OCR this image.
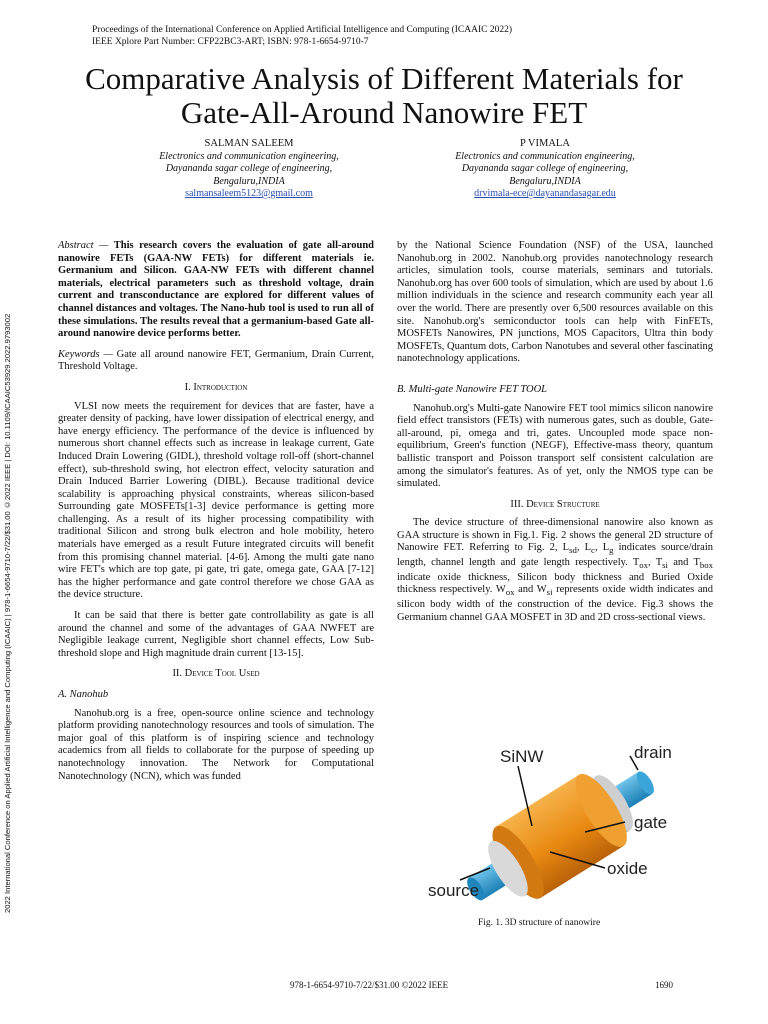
Proceedings of the International Conference on Applied Artificial Intelligence and Computing (ICAAIC 2022)
IEEE Xplore Part Number: CFP22BC3-ART; ISBN: 978-1-6654-9710-7
Comparative Analysis of Different Materials for
Gate-All-Around Nanowire FET
SALMAN SALEEM
Electronics and communication engineering,
Dayananda sagar college of engineering,
Bengaluru,INDIA
salmansaleem5123@gmail.com
P VIMALA
Electronics and communication engineering,
Dayananda sagar college of engineering,
Bengaluru,INDIA
drvimala-ece@dayanandasagar.edu
2022 International Conference on Applied Artificial Intelligence and Computing (ICAAIC) | 978-1-6654-9710-7/22/$31.00 ©2022 IEEE | DOI: 10.1109/ICAAIC53929.2022.9793002

Abstract — This research covers the evaluation of gate all-around nanowire FETs (GAA-NW FETs) for different materials ie. Germanium and Silicon. GAA-NW FETs with different channel materials, electrical parameters such as threshold voltage, drain current and transconductance are explored for different values of channel distances and voltages. The Nano-hub tool is used to run all of these simulations. The results reveal that a germanium-based Gate all-around nanowire device performs better.

Keywords — Gate all around nanowire FET, Germanium, Drain Current, Threshold Voltage.

I. Introduction

VLSI now meets the requirement for devices that are faster, have a greater density of packing, have lower dissipation of electrical energy, and have energy efficiency. The performance of the device is influenced by numerous short channel effects such as increase in leakage current, Gate Induced Drain Lowering (GIDL), threshold voltage roll-off (short-channel effect), sub-threshold swing, hot electron effect, velocity saturation and Drain Induced Barrier Lowering (DIBL). Because traditional device scalability is approaching physical constraints, whereas silicon-based Surrounding gate MOSFETs[1-3] device performance is getting more challenging. As a result of its higher processing compatibility with traditional Silicon and strong bulk electron and hole mobility, hetero materials have emerged as a result Future integrated circuits will benefit from this promising channel material. [4-6]. Among the multi gate nano wire FET's which are top gate, pi gate, tri gate, omega gate, GAA [7-12] has the higher performance and gate control therefore we chose GAA as the device structure.

It can be said that there is better gate controllability as gate is all around the channel and some of the advantages of GAA NWFET are Negligible leakage current, Negligible short channel effects, Low Sub-threshold slope and High magnitude drain current [13-15].

II. Device Tool Used
A. Nanohub

Nanohub.org is a free, open-source online science and technology platform providing nanotechnology resources and tools of simulation. The major goal of this platform is of inspiring science and technology academics from all fields to collaborate for the purpose of speeding up nanotechnology innovation. The Network for Computational Nanotechnology (NCN), which was funded

by the National Science Foundation (NSF) of the USA, launched Nanohub.org in 2002. Nanohub.org provides nanotechnology research articles, simulation tools, course materials, seminars and tutorials. Nanohub.org has over 600 tools of simulation, which are used by about 1.6 million individuals in the science and research community each year all over the world. There are presently over 6,500 resources available on this site. Nanohub.org's semiconductor tools can help with FinFETs, MOSFETs Nanowires, PN junctions, MOS Capacitors, Ultra thin body MOSFETs, Quantum dots, Carbon Nanotubes and several other fascinating nanotechnology applications.

B. Multi-gate Nanowire FET TOOL

Nanohub.org's Multi-gate Nanowire FET tool mimics silicon nanowire field effect transistors (FETs) with numerous gates, such as double, Gate-all-around, pi, omega and tri, gates. Uncoupled mode space non-equilibrium, Green's function (NEGF), Effective-mass theory, quantum ballistic transport and Poisson transport self consistent calculation are among the simulator's features. As of yet, only the NMOS type can be simulated.

III. Device Structure

The device structure of three-dimensional nanowire also known as GAA structure is shown in Fig.1. Fig. 2 shows the general 2D structure of Nanowire FET. Referring to Fig. 2, $L_{sd}$, $L_c$, $L_g$ indicates source/drain length, channel length and gate length respectively. $T_{ox}$, $T_{si}$ and $T_{box}$ indicate oxide thickness, Silicon body thickness and Buried Oxide thickness respectively. $W_{ox}$ and $W_{si}$ represents oxide width indicates and silicon body width of the construction of the device. Fig.3 shows the Germanium channel GAA MOSFET in 3D and 2D cross-sectional views.

SiNW	drain
gate
oxide
source
Fig. 1. 3D structure of nanowire
978-1-6654-9710-7/22/$31.00 ©2022 IEEE	1690
